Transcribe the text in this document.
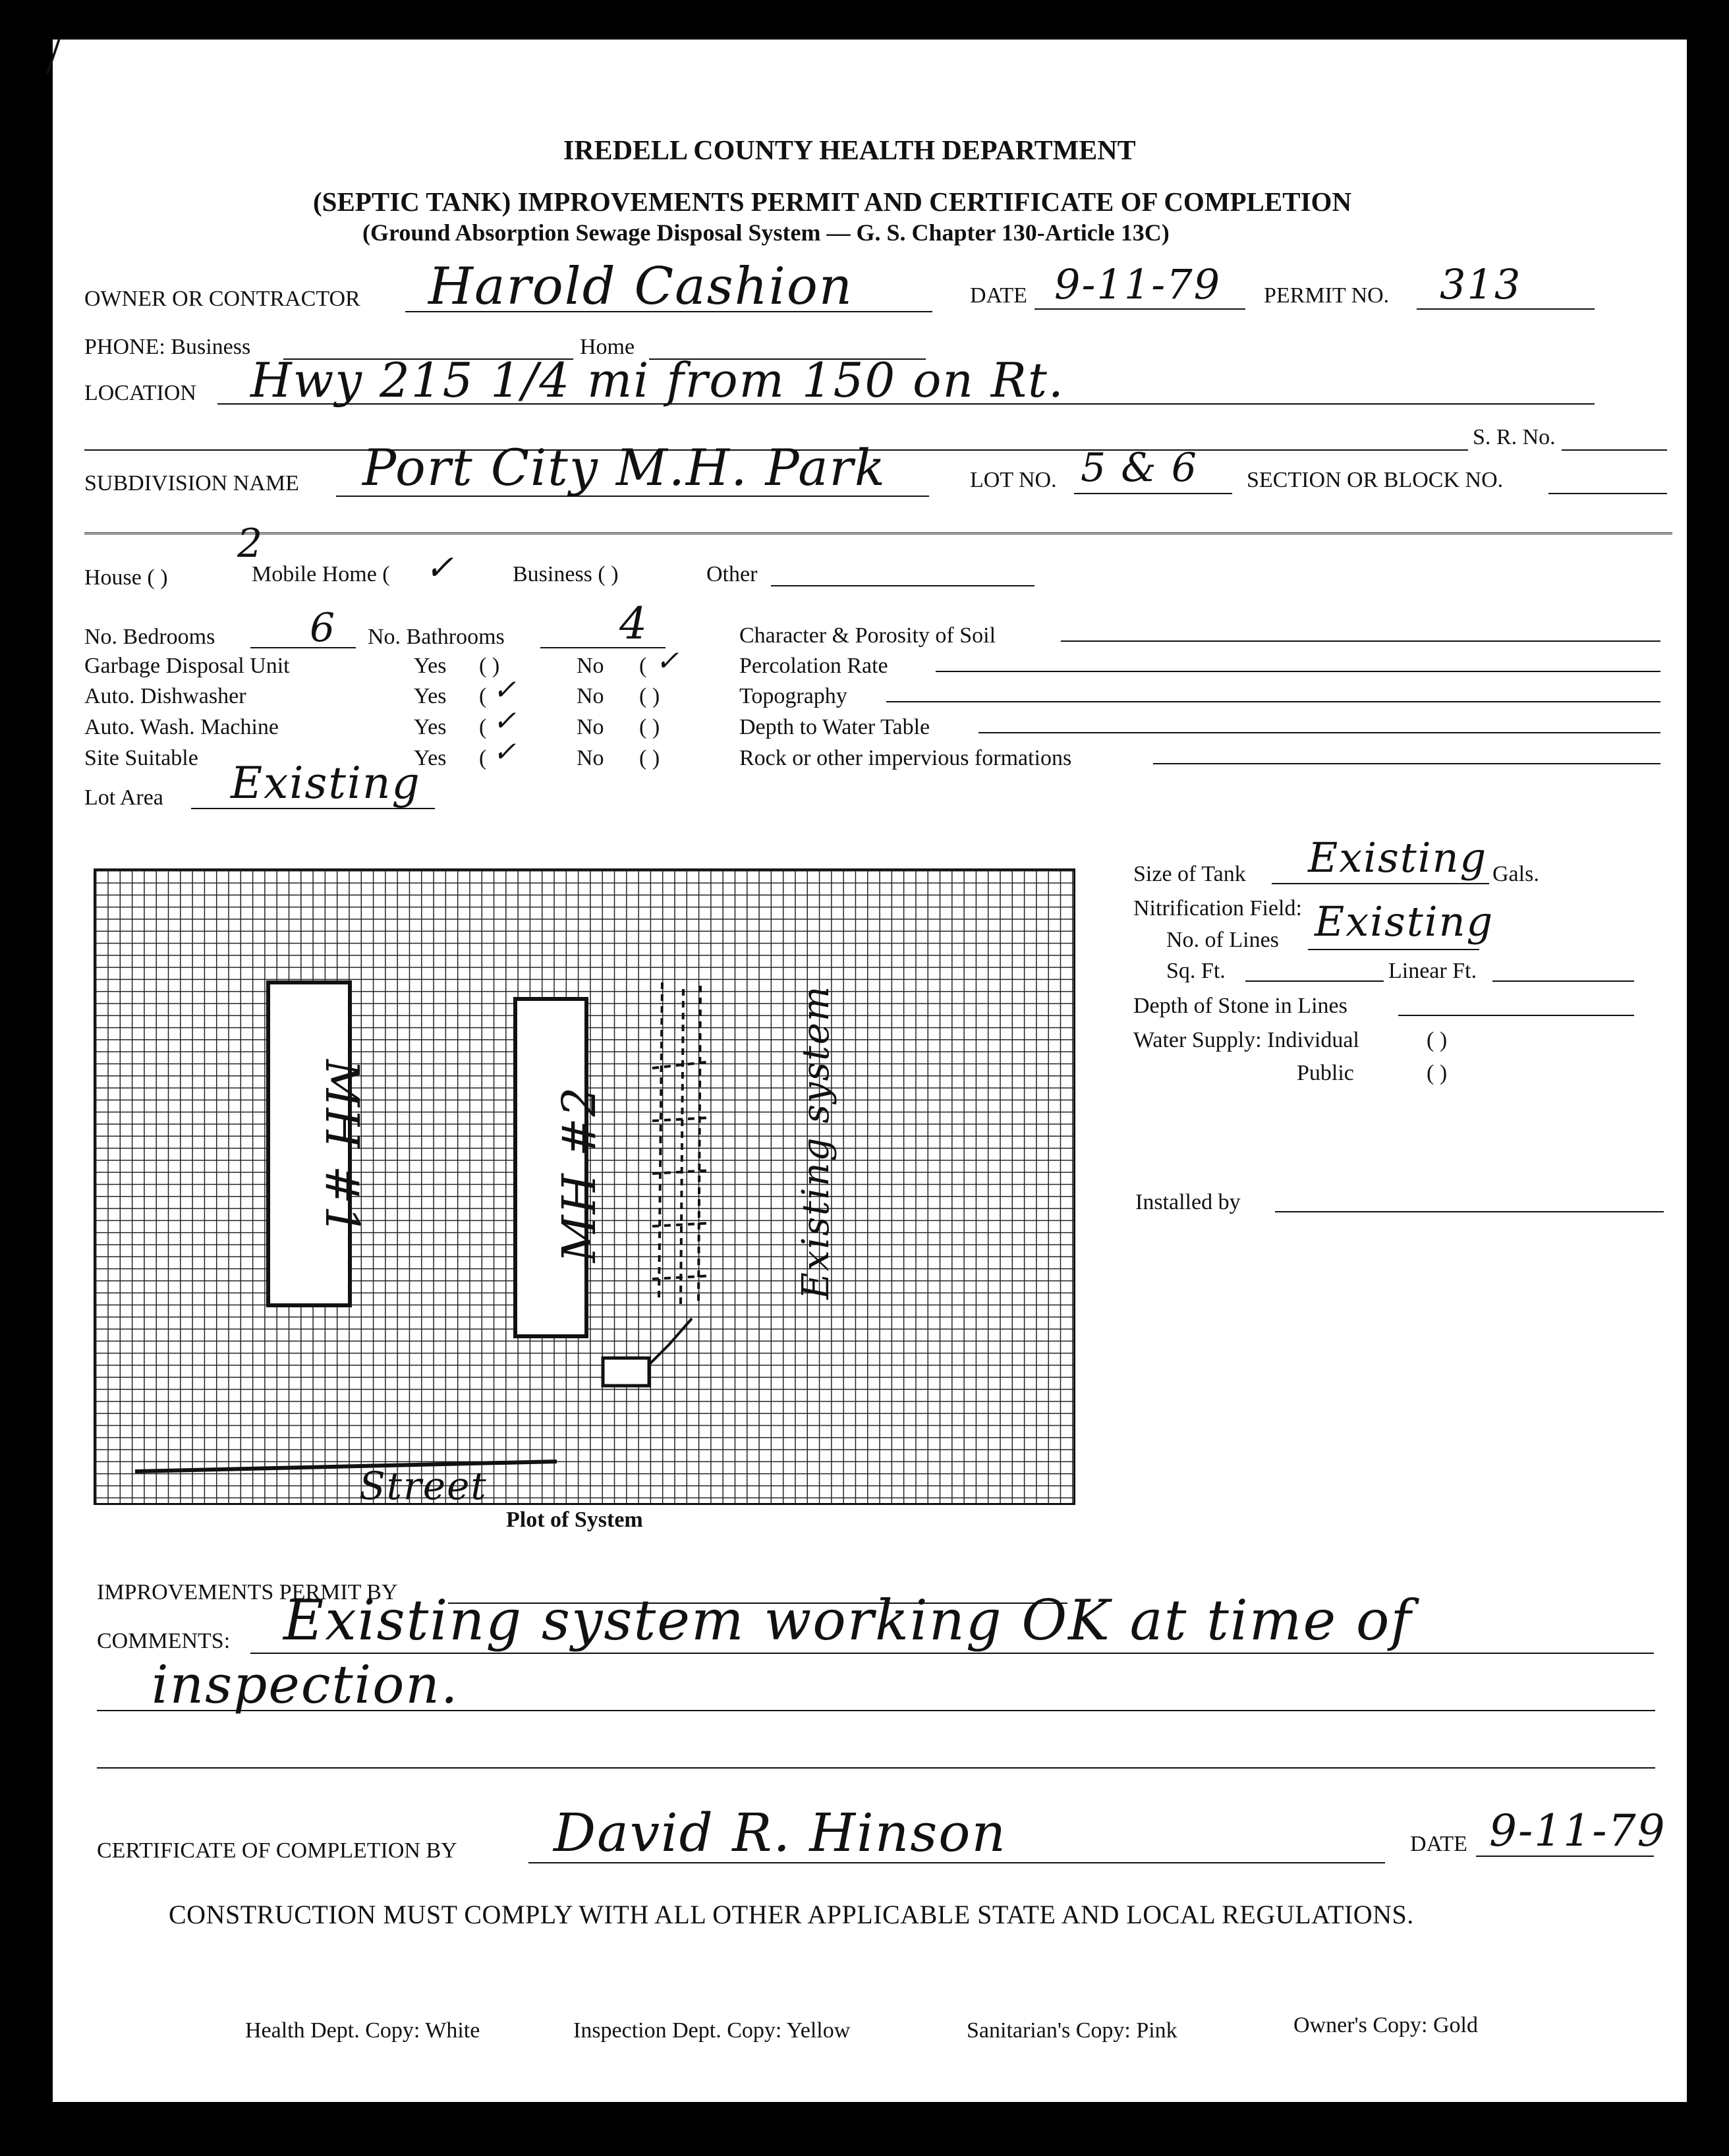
/
IREDELL COUNTY HEALTH DEPARTMENT
(SEPTIC TANK) IMPROVEMENTS PERMIT AND CERTIFICATE OF COMPLETION
(Ground Absorption Sewage Disposal System — G. S. Chapter 130-Article 13C)
OWNER OR CONTRACTOR Harold Cashion	DATE 9-11-79 PERMIT NO. 313
PHONE: Business	Home
LOCATION Hwy 215 1/4 mi from 150 on Rt.
S. R. No.
SUBDIVISION NAME Port City M.H. Park	LOT NO. 5 & 6 SECTION OR BLOCK NO.
2
House ( )	Mobile Home ( ✓	Business ( )	Other
No. Bedrooms 6 No. Bathrooms	4
Garbage Disposal Unit	Yes ( )	No ( ✓
Auto. Dishwasher	Yes ( ✓	No ( )
Auto. Wash. Machine	Yes ( ✓	No ( )
Site Suitable	Yes ( ✓	No ( )
Lot Area Existing
Character & Porosity of Soil
Percolation Rate
Topography
Depth to Water Table
Rock or other impervious formations
MH #1	MH #2	Existing system
Street
Plot of System
Size of Tank Existing Gals.
Nitrification Field:
No. of Lines Existing
Sq. Ft.	Linear Ft.
Depth of Stone in Lines
Water Supply: Individual	( )
Public	( )
Installed by
IMPROVEMENTS PERMIT BY
COMMENTS: Existing system working OK at time of
inspection.
CERTIFICATE OF COMPLETION BY David R. Hinson	DATE 9-11-79
CONSTRUCTION MUST COMPLY WITH ALL OTHER APPLICABLE STATE AND LOCAL REGULATIONS.
Health Dept. Copy: White	Inspection Dept. Copy: Yellow	Sanitarian's Copy: Pink	Owner's Copy: Gold
